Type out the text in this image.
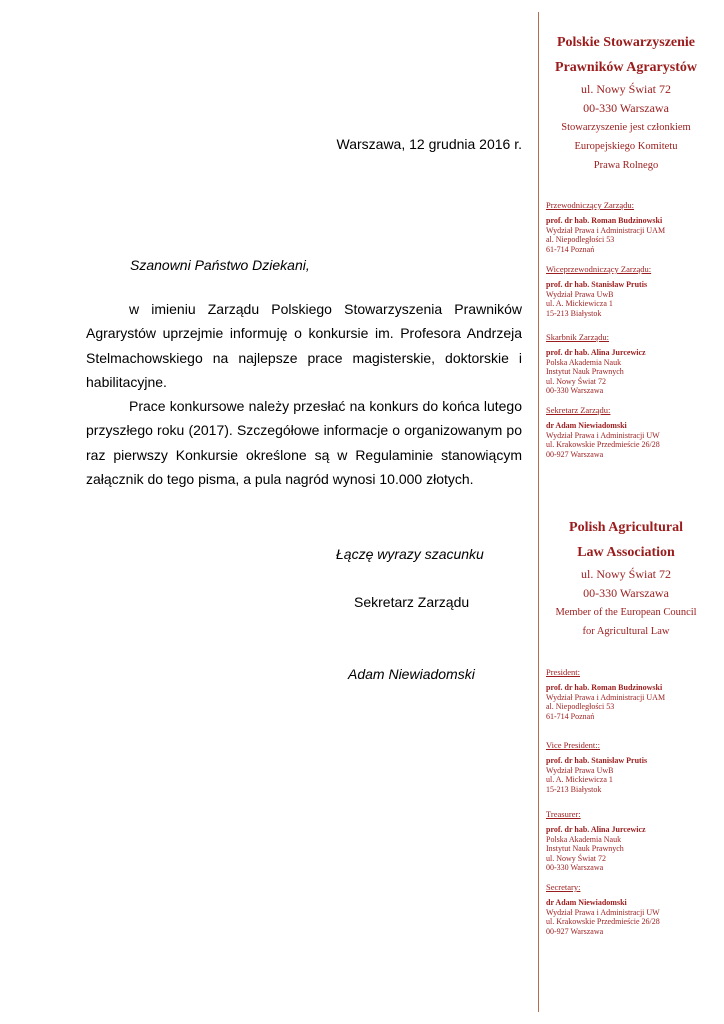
Warszawa, 12 grudnia 2016 r.
Szanowni Państwo Dziekani,

w imieniu Zarządu Polskiego Stowarzyszenia Prawników Agrarystów uprzejmie informuję o konkursie im. Profesora Andrzeja Stelmachowskiego na najlepsze prace magisterskie, doktorskie i habilitacyjne.

Prace konkursowe należy przesłać na konkurs do końca lutego przyszłego roku (2017). Szczegółowe informacje o organizowanym po raz pierwszy Konkursie określone są w Regulaminie stanowiącym załącznik do tego pisma, a pula nagród wynosi 10.000 złotych.

Łączę wyrazy szacunku
Sekretarz Zarządu
Adam Niewiadomski
Polskie Stowarzyszenie
Prawników Agrarystów
ul. Nowy Świat 72
00-330 Warszawa
Stowarzyszenie jest członkiem
Europejskiego Komitetu
Prawa Rolnego
Przewodniczący Zarządu:
prof. dr hab. Roman Budzinowski
Wydział Prawa i Administracji UAM
al. Niepodległości 53
61-714 Poznań
Wiceprzewodniczący Zarządu:
prof. dr hab. Stanisław Prutis
Wydział Prawa UwB
ul. A. Mickiewicza 1
15-213 Białystok
Skarbnik Zarządu:
prof. dr hab. Alina Jurcewicz
Polska Akademia Nauk
Instytut Nauk Prawnych
ul. Nowy Świat 72
00-330 Warszawa
Sekretarz Zarządu:
dr Adam Niewiadomski
Wydział Prawa i Administracji UW
ul. Krakowskie Przedmieście 26/28
00-927 Warszawa
Polish Agricultural
Law Association
ul. Nowy Świat 72
00-330 Warszawa
Member of the European Council
for Agricultural Law
President:
prof. dr hab. Roman Budzinowski
Wydział Prawa i Administracji UAM
al. Niepodległości 53
61-714 Poznań
Vice President::
prof. dr hab. Stanisław Prutis
Wydział Prawa UwB
ul. A. Mickiewicza 1
15-213 Białystok
Treasurer:
prof. dr hab. Alina Jurcewicz
Polska Akademia Nauk
Instytut Nauk Prawnych
ul. Nowy Świat 72
00-330 Warszawa
Secretary:
dr Adam Niewiadomski
Wydział Prawa i Administracji UW
ul. Krakowskie Przedmieście 26/28
00-927 Warszawa
